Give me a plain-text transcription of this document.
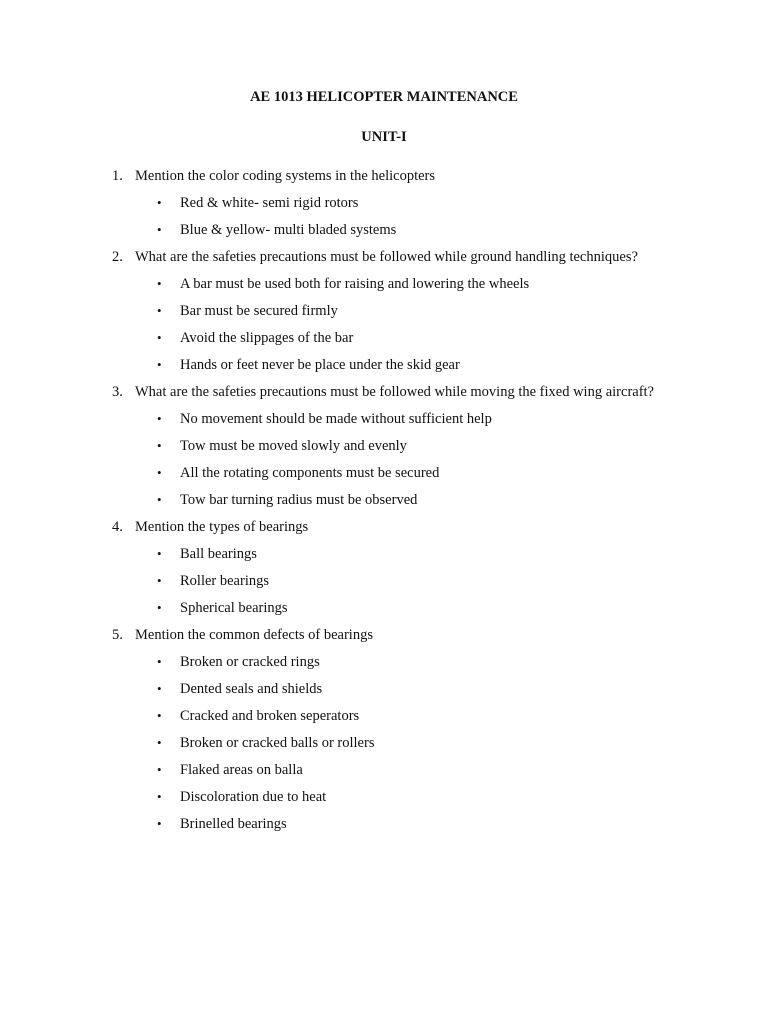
AE 1013 HELICOPTER MAINTENANCE
UNIT-I
1. Mention the color coding systems in the helicopters
•	Red & white- semi rigid rotors
•	Blue & yellow- multi bladed systems
2. What are the safeties precautions must be followed while ground handling techniques?
•	A bar must be used both for raising and lowering the wheels
•	Bar must be secured firmly
•	Avoid the slippages of the bar
•	Hands or feet never be place under the skid gear
3. What are the safeties precautions must be followed while moving the fixed wing aircraft?
•	No movement should be made without sufficient help
•	Tow must be moved slowly and evenly
•	All the rotating components must be secured
•	Tow bar turning radius must be observed
4. Mention the types of bearings
•	Ball bearings
•	Roller bearings
•	Spherical bearings
5. Mention the common defects of bearings
•	Broken or cracked rings
•	Dented seals and shields
•	Cracked and broken seperators
•	Broken or cracked balls or rollers
•	Flaked areas on balla
•	Discoloration due to heat
•	Brinelled bearings
